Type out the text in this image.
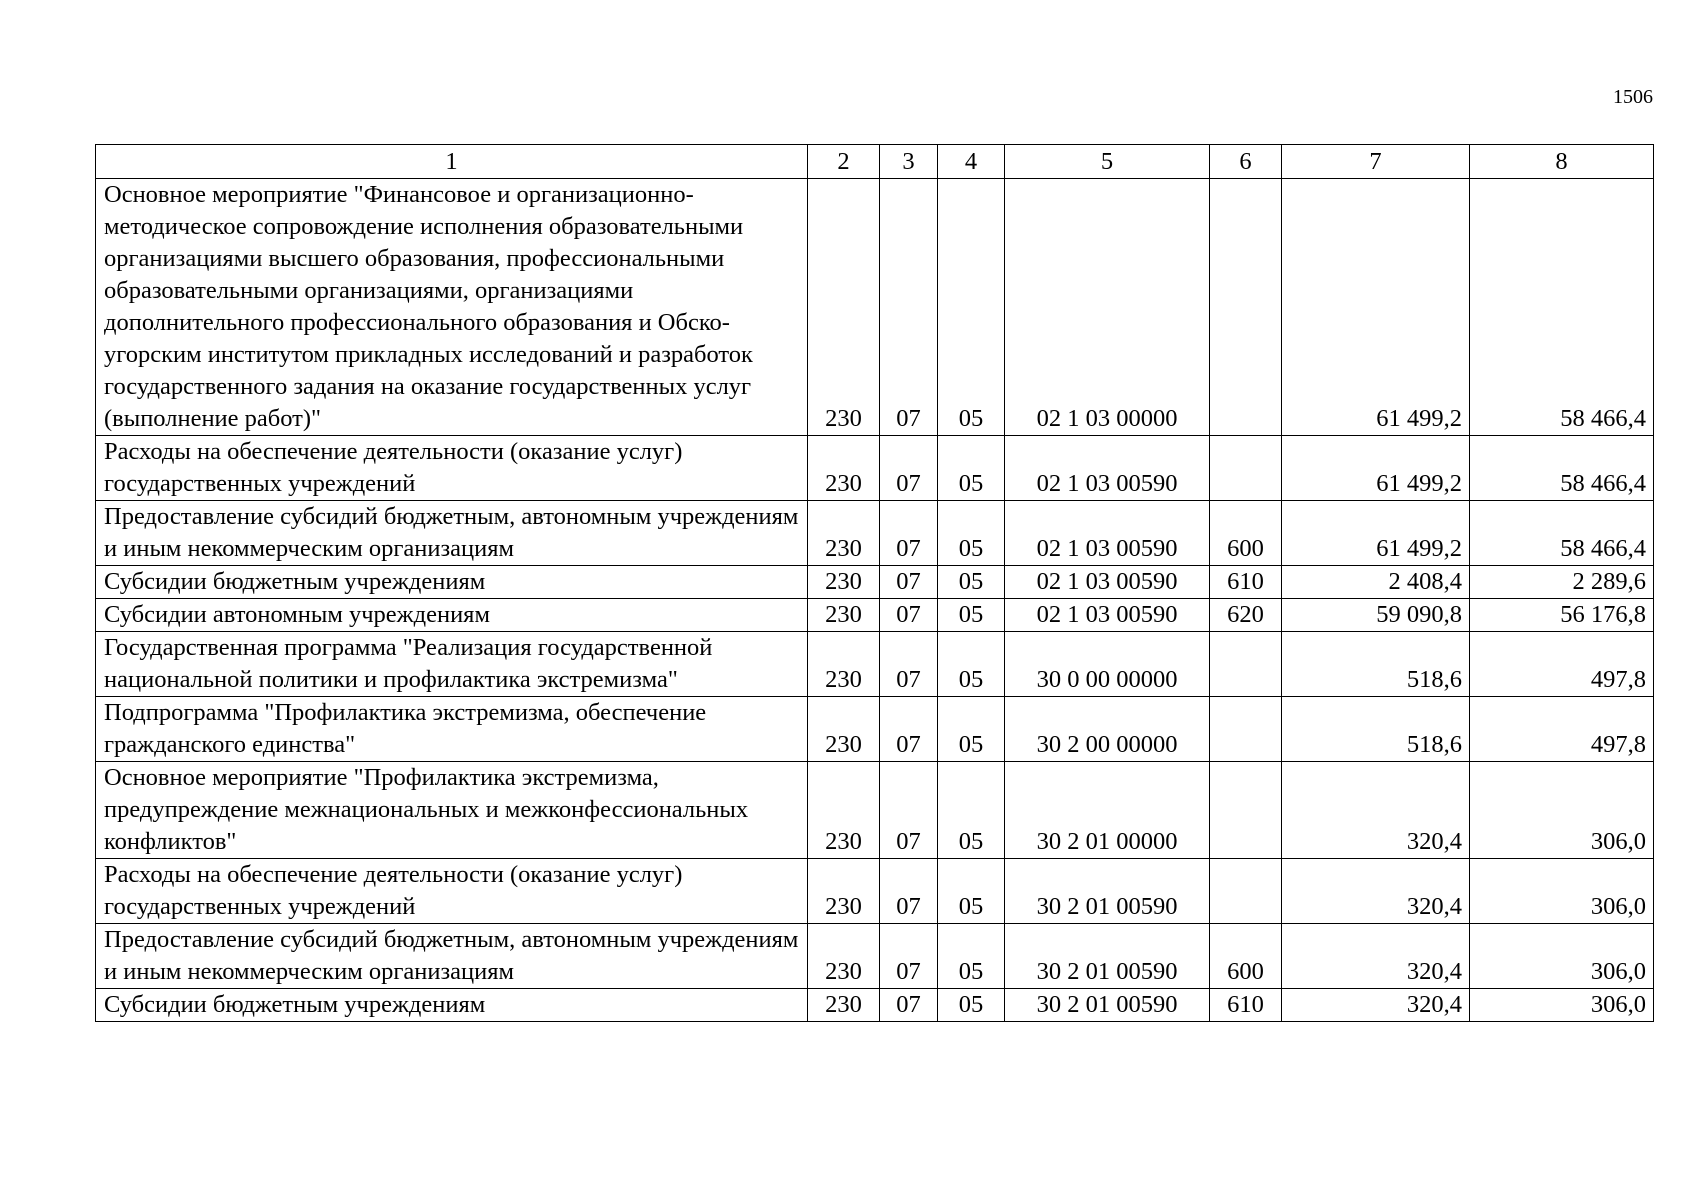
1506
1	2	3	4	5	6	7	8
Основное мероприятие "Финансовое и организационно-методическое сопровождение исполнения образовательными организациями высшего образования, профессиональными образовательными организациями, организациями дополнительного профессионального образования и Обско-угорским институтом прикладных исследований и разработок государственного задания на оказание государственных услуг (выполнение работ)"	230	07	05	02 1 03 00000		61 499,2	58 466,4
Расходы на обеспечение деятельности (оказание услуг) государственных учреждений	230	07	05	02 1 03 00590		61 499,2	58 466,4
Предоставление субсидий бюджетным, автономным учреждениям и иным некоммерческим организациям	230	07	05	02 1 03 00590	600	61 499,2	58 466,4
Субсидии бюджетным учреждениям	230	07	05	02 1 03 00590	610	2 408,4	2 289,6
Субсидии автономным учреждениям	230	07	05	02 1 03 00590	620	59 090,8	56 176,8
Государственная программа "Реализация государственной национальной политики и профилактика экстремизма"	230	07	05	30 0 00 00000		518,6	497,8
Подпрограмма "Профилактика экстремизма, обеспечение гражданского единства"	230	07	05	30 2 00 00000		518,6	497,8
Основное мероприятие "Профилактика экстремизма, предупреждение межнациональных и межконфессиональных конфликтов"	230	07	05	30 2 01 00000		320,4	306,0
Расходы на обеспечение деятельности (оказание услуг) государственных учреждений	230	07	05	30 2 01 00590		320,4	306,0
Предоставление субсидий бюджетным, автономным учреждениям и иным некоммерческим организациям	230	07	05	30 2 01 00590	600	320,4	306,0
Субсидии бюджетным учреждениям	230	07	05	30 2 01 00590	610	320,4	306,0
